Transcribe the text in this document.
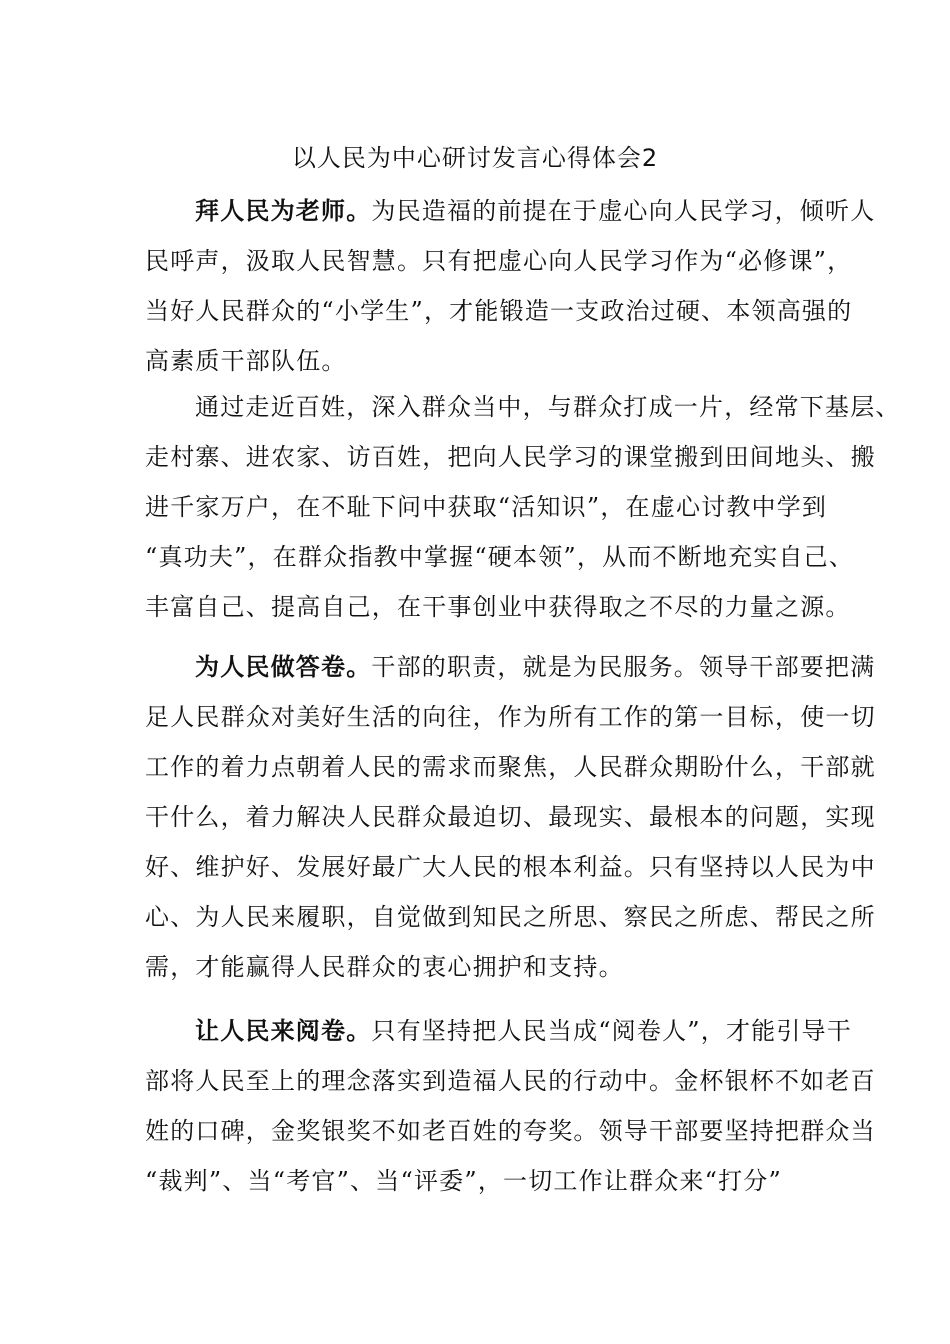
以人民为中心研讨发言心得体会2
拜人民为老师。为民造福的前提在于虚心向人民学习，倾听人
民呼声，汲取人民智慧。只有把虚心向人民学习作为“必修课”，
当好人民群众的“小学生”，才能锻造一支政治过硬、本领高强的
高素质干部队伍。
通过走近百姓，深入群众当中，与群众打成一片，经常下基层、
走村寨、进农家、访百姓，把向人民学习的课堂搬到田间地头、搬
进千家万户，在不耻下问中获取“活知识”，在虚心讨教中学到
“真功夫”，在群众指教中掌握“硬本领”，从而不断地充实自己、
丰富自己、提高自己，在干事创业中获得取之不尽的力量之源。
为人民做答卷。干部的职责，就是为民服务。领导干部要把满
足人民群众对美好生活的向往，作为所有工作的第一目标，使一切
工作的着力点朝着人民的需求而聚焦，人民群众期盼什么，干部就
干什么，着力解决人民群众最迫切、最现实、最根本的问题，实现
好、维护好、发展好最广大人民的根本利益。只有坚持以人民为中
心、为人民来履职，自觉做到知民之所思、察民之所虑、帮民之所
需，才能赢得人民群众的衷心拥护和支持。
让人民来阅卷。只有坚持把人民当成“阅卷人”，才能引导干
部将人民至上的理念落实到造福人民的行动中。金杯银杯不如老百
姓的口碑，金奖银奖不如老百姓的夸奖。领导干部要坚持把群众当
“裁判”、当“考官”、当“评委”，一切工作让群众来“打分”
